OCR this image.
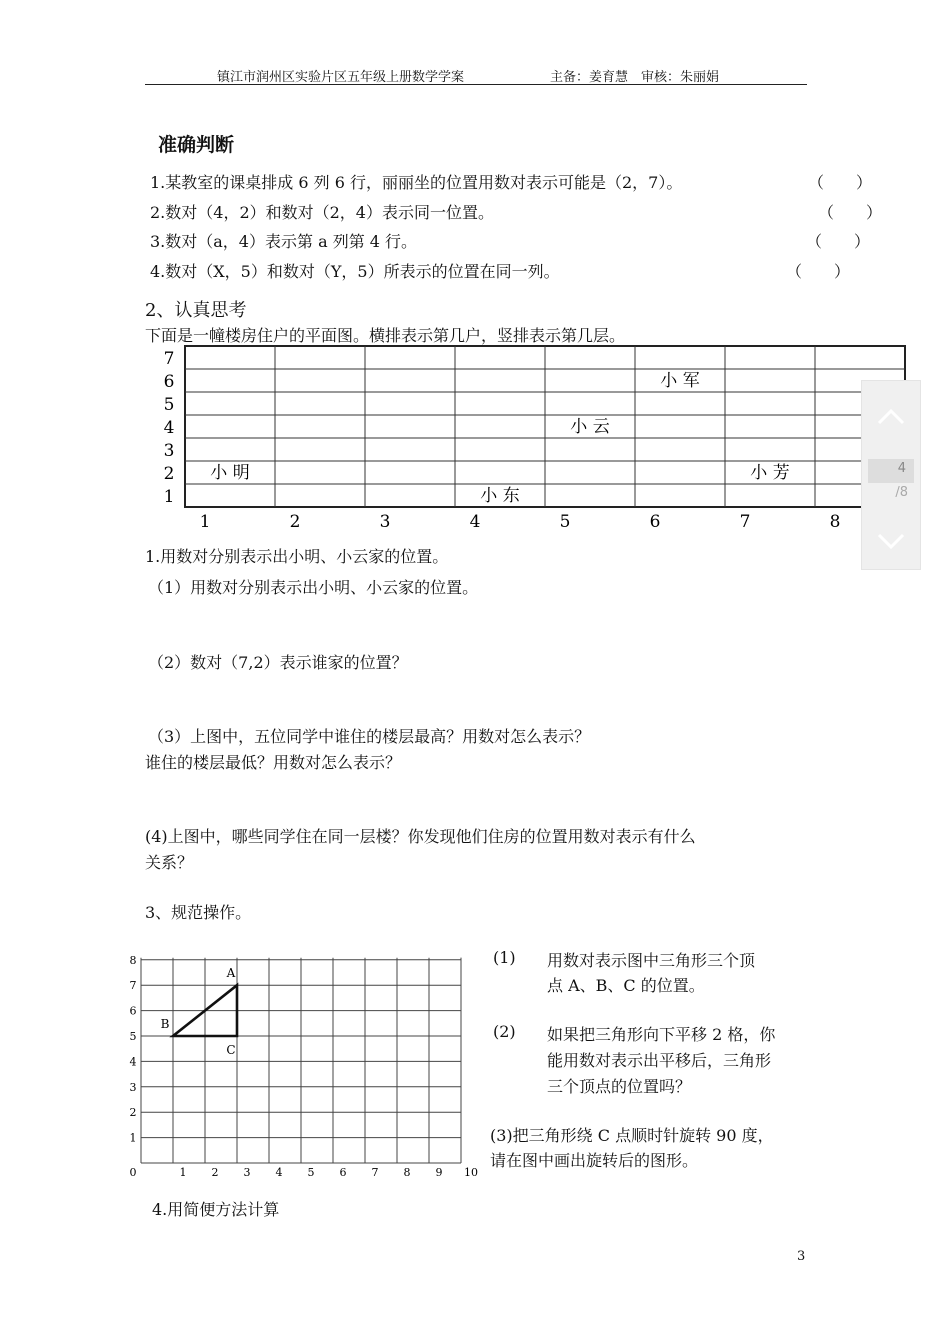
镇江市润州区实验片区五年级上册数学学案	主备：姜育慧　审核：朱丽娟
准确判断
1.某教室的课桌排成 6 列 6 行，丽丽坐的位置用数对表示可能是（2，7）。	（　　）
2.数对（4，2）和数对（2，4）表示同一位置。	（　　）
3.数对（a，4）表示第 a 列第 4 行。	（　　）
4.数对（X，5）和数对（Y，5）所表示的位置在同一列。	（　　）
2、认真思考
下面是一幢楼房住户的平面图。横排表示第几户，竖排表示第几层。
7
6
5
4
3
2
1
1	2	3	4	5	6	7	8
小 明
小 东
小 云
小 军
小 芳
1.用数对分别表示出小明、小云家的位置。
（1）用数对分别表示出小明、小云家的位置。
（2）数对（7,2）表示谁家的位置？
（3）上图中，五位同学中谁住的楼层最高？用数对怎么表示？
谁住的楼层最低？用数对怎么表示？
(4)上图中，哪些同学住在同一层楼？你发现他们住房的位置用数对表示有什么
关系？
3、规范操作。
0	1 2 3 4 5 6 7 8 9 10
8
7
6
5
4
3
2
1
A
B
C
(1) 用数对表示图中三角形三个顶
点 A、B、C 的位置。
(2) 如果把三角形向下平移 2 格，你
能用数对表示出平移后，三角形
三个顶点的位置吗？
(3)把三角形绕 C 点顺时针旋转 90 度，
请在图中画出旋转后的图形。
4.用简便方法计算
3
4
/8
